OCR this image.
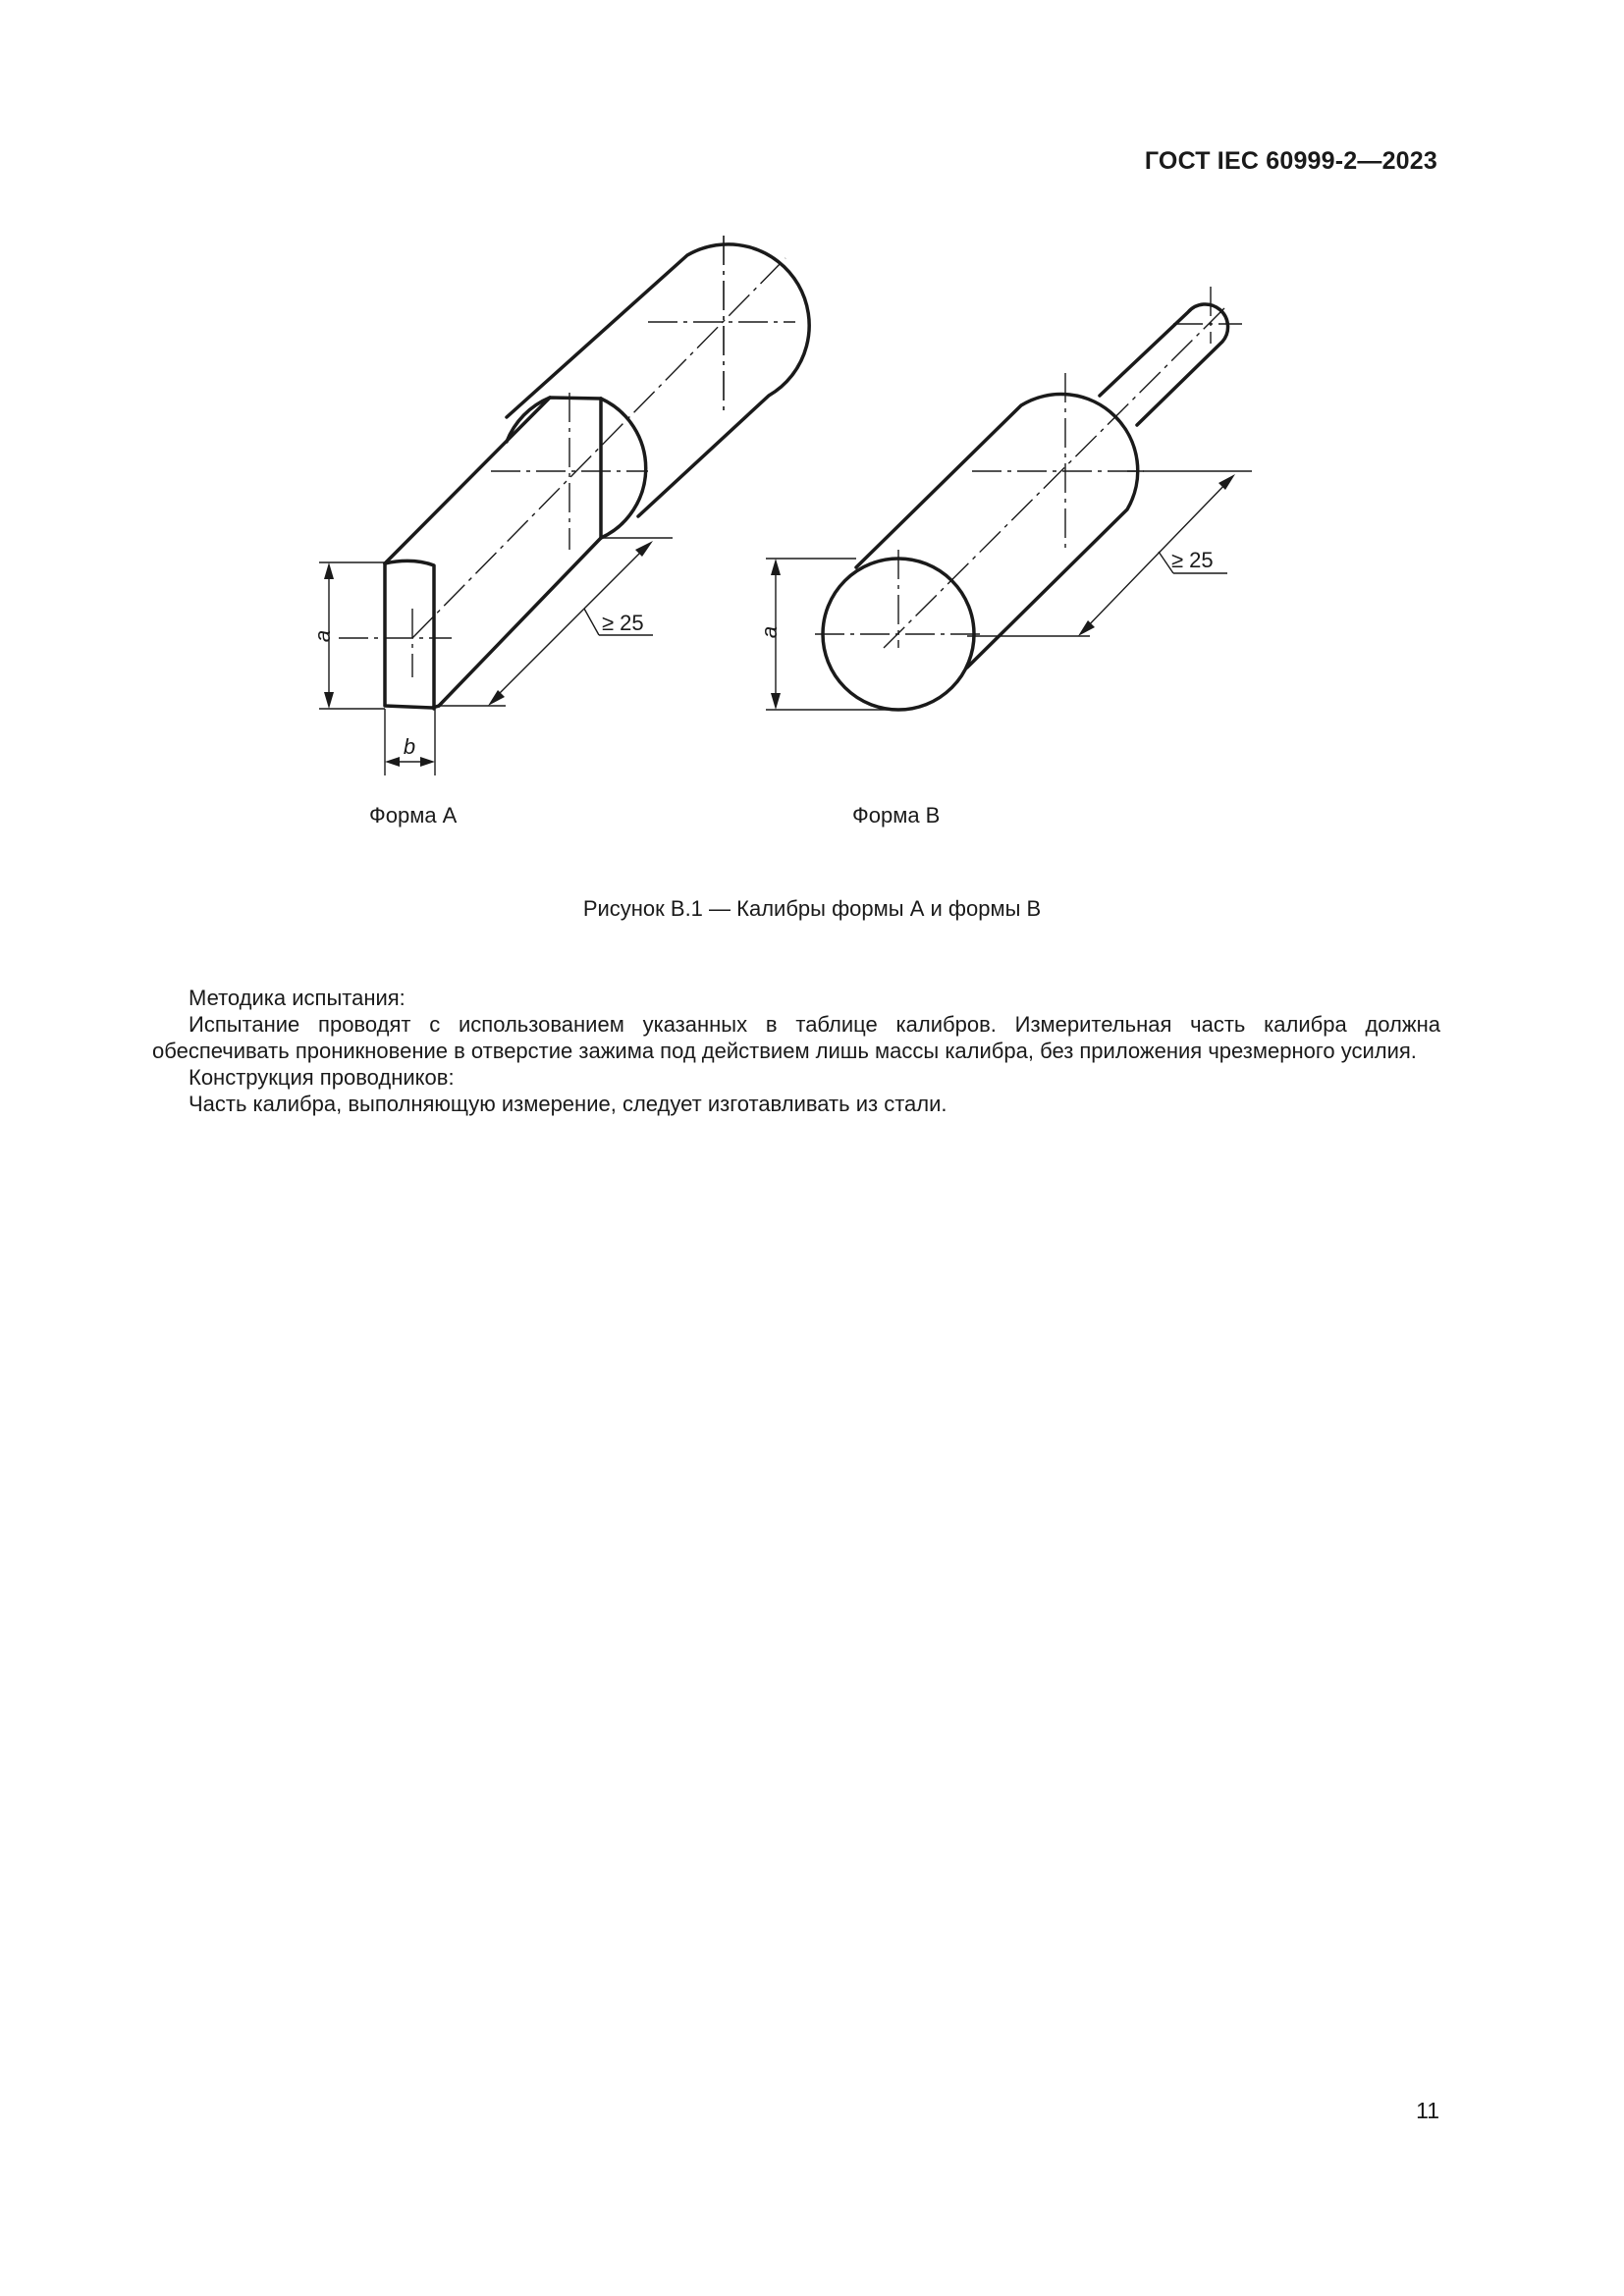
ГОСТ IEC 60999-2—2023
a
b
≥ 25	a
≥ 25
Форма А	Форма В
Рисунок В.1 — Калибры формы А и формы В

Методика испытания:

Испытание проводят с использованием указанных в таблице калибров. Измерительная часть калибра должна обеспечивать проникновение в отверстие зажима под действием лишь массы калибра, без приложения чрезмерного усилия.

Конструкция проводников:

Часть калибра, выполняющую измерение, следует изготавливать из стали.

11
